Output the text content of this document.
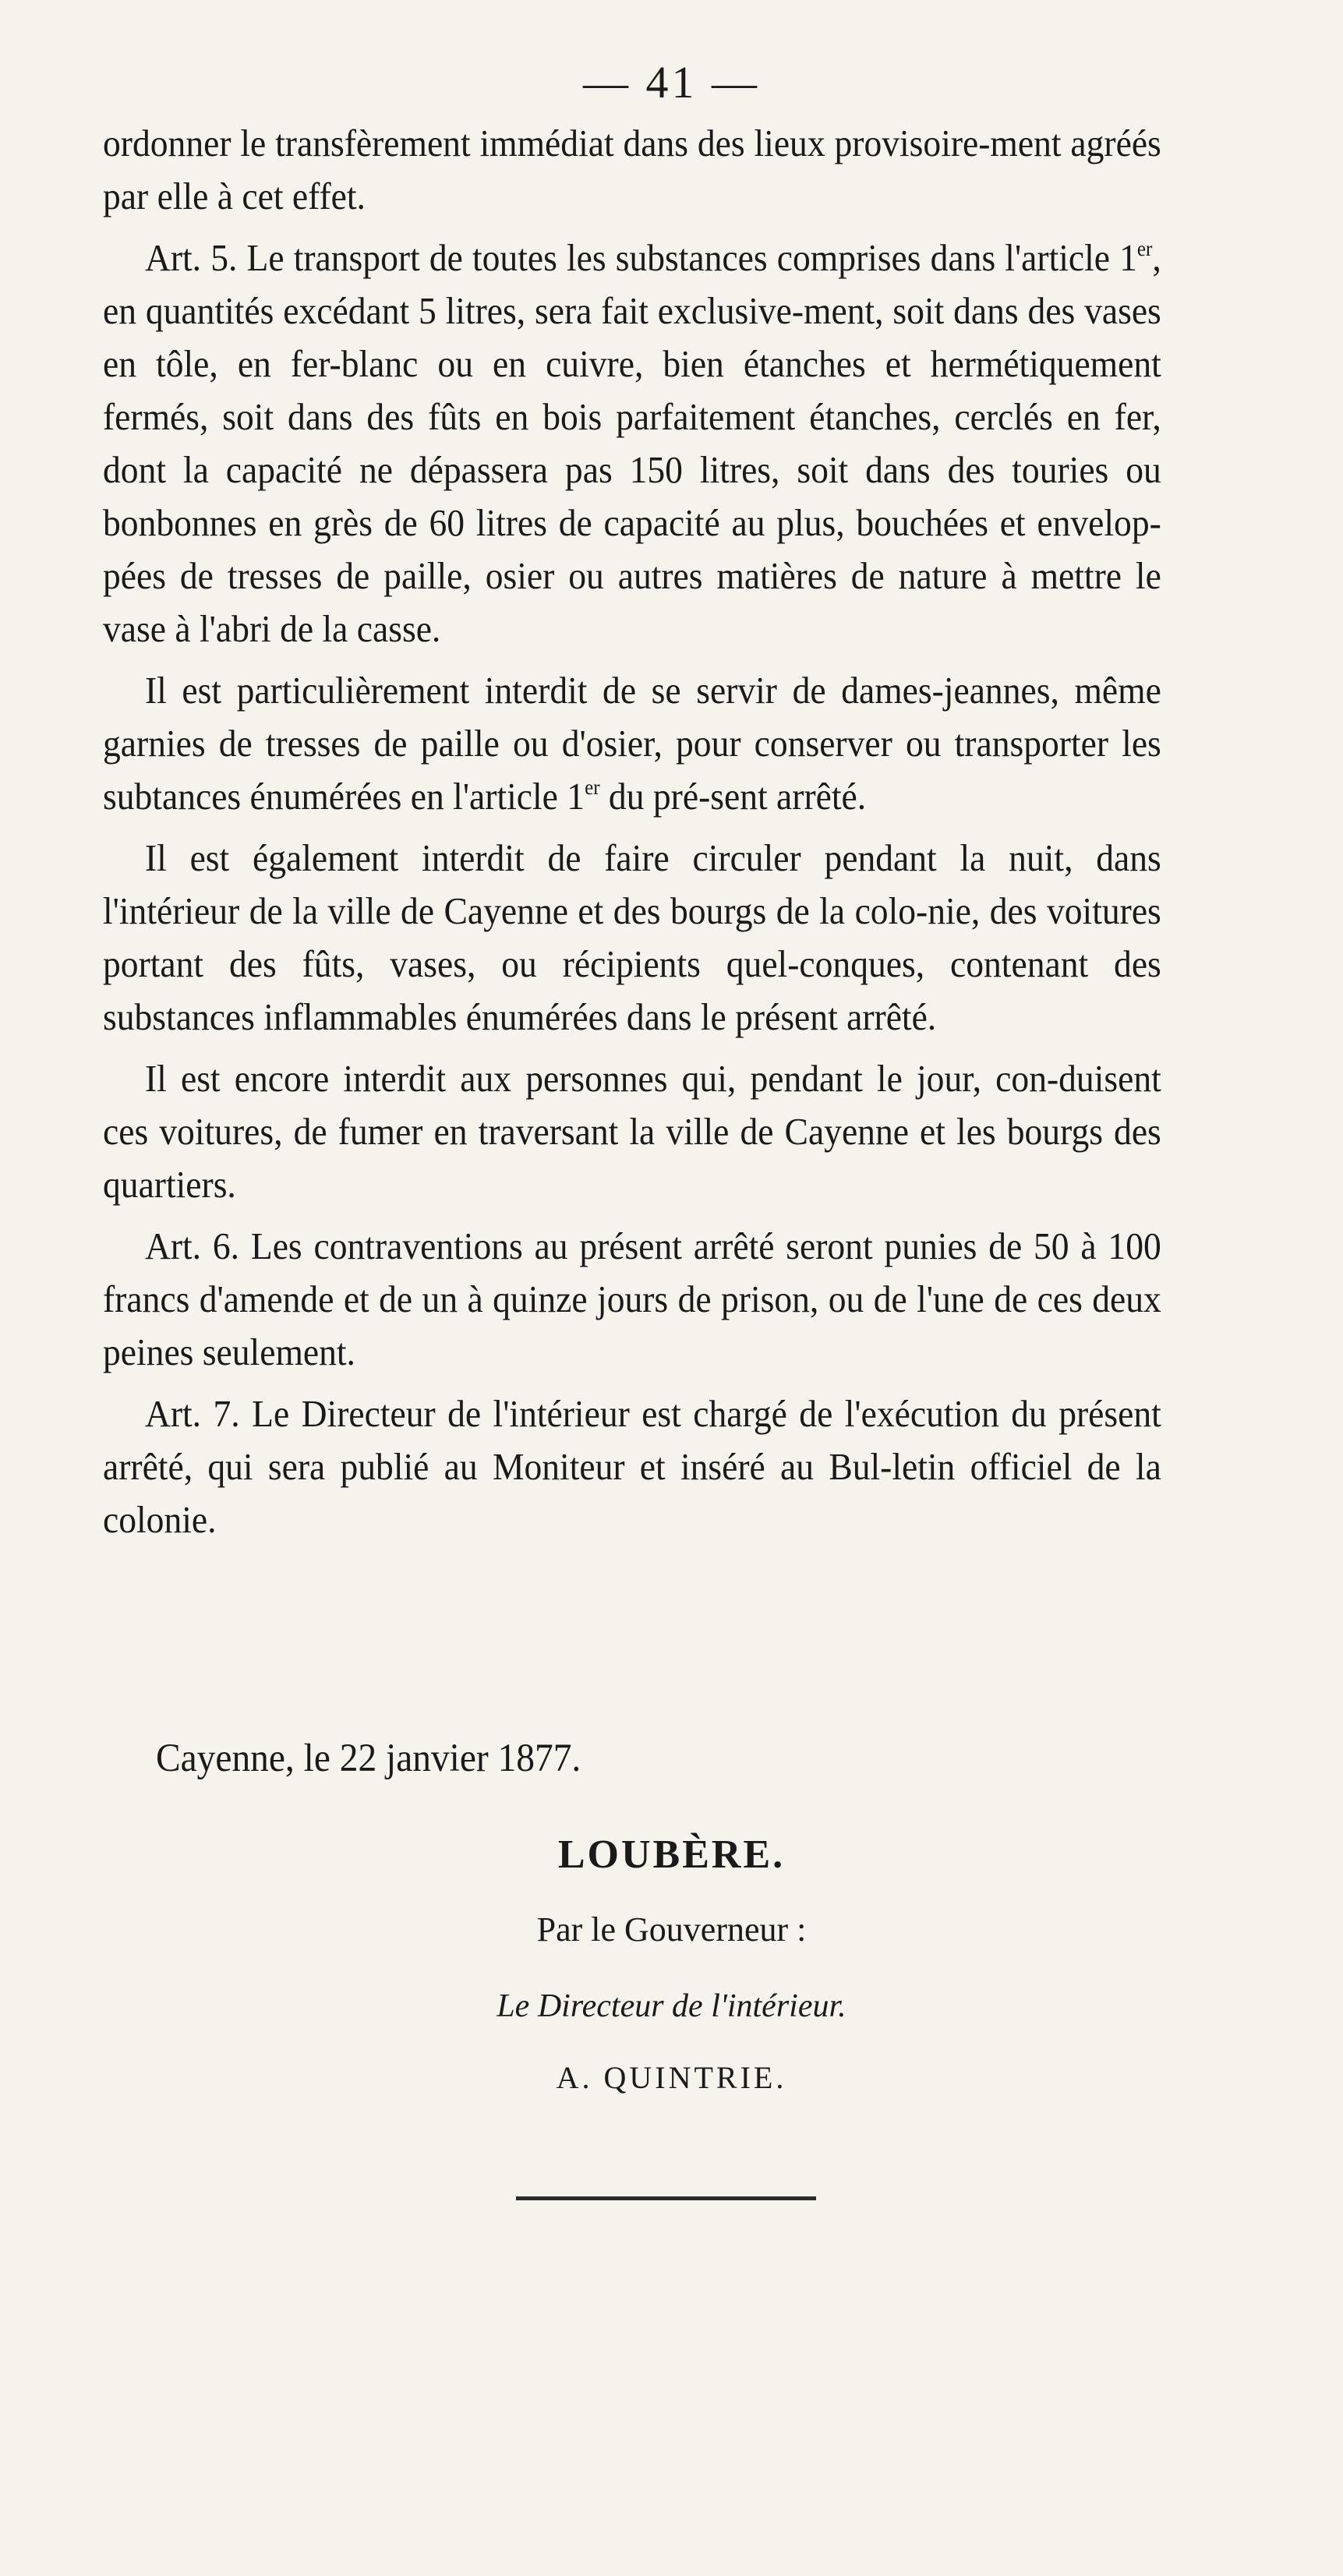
— 41 —

ordonner le transfèrement immédiat dans des lieux provisoire-ment agréés par elle à cet effet.

Art. 5. Le transport de toutes les substances comprises dans l'article 1er, en quantités excédant 5 litres, sera fait exclusive-ment, soit dans des vases en tôle, en fer-blanc ou en cuivre, bien étanches et hermétiquement fermés, soit dans des fûts en bois parfaitement étanches, cerclés en fer, dont la capacité ne dépassera pas 150 litres, soit dans des touries ou bonbonnes en grès de 60 litres de capacité au plus, bouchées et envelop-pées de tresses de paille, osier ou autres matières de nature à mettre le vase à l'abri de la casse.

Il est particulièrement interdit de se servir de dames-jeannes, même garnies de tresses de paille ou d'osier, pour conserver ou transporter les subtances énumérées en l'article 1er du pré-sent arrêté.

Il est également interdit de faire circuler pendant la nuit, dans l'intérieur de la ville de Cayenne et des bourgs de la colo-nie, des voitures portant des fûts, vases, ou récipients quel-conques, contenant des substances inflammables énumérées dans le présent arrêté.

Il est encore interdit aux personnes qui, pendant le jour, con-duisent ces voitures, de fumer en traversant la ville de Cayenne et les bourgs des quartiers.

Art. 6. Les contraventions au présent arrêté seront punies de 50 à 100 francs d'amende et de un à quinze jours de prison, ou de l'une de ces deux peines seulement.

Art. 7. Le Directeur de l'intérieur est chargé de l'exécution du présent arrêté, qui sera publié au Moniteur et inséré au Bul-letin officiel de la colonie.

Cayenne, le 22 janvier 1877.
LOUBÈRE.
Par le Gouverneur :
Le Directeur de l'intérieur.
A. QUINTRIE.
